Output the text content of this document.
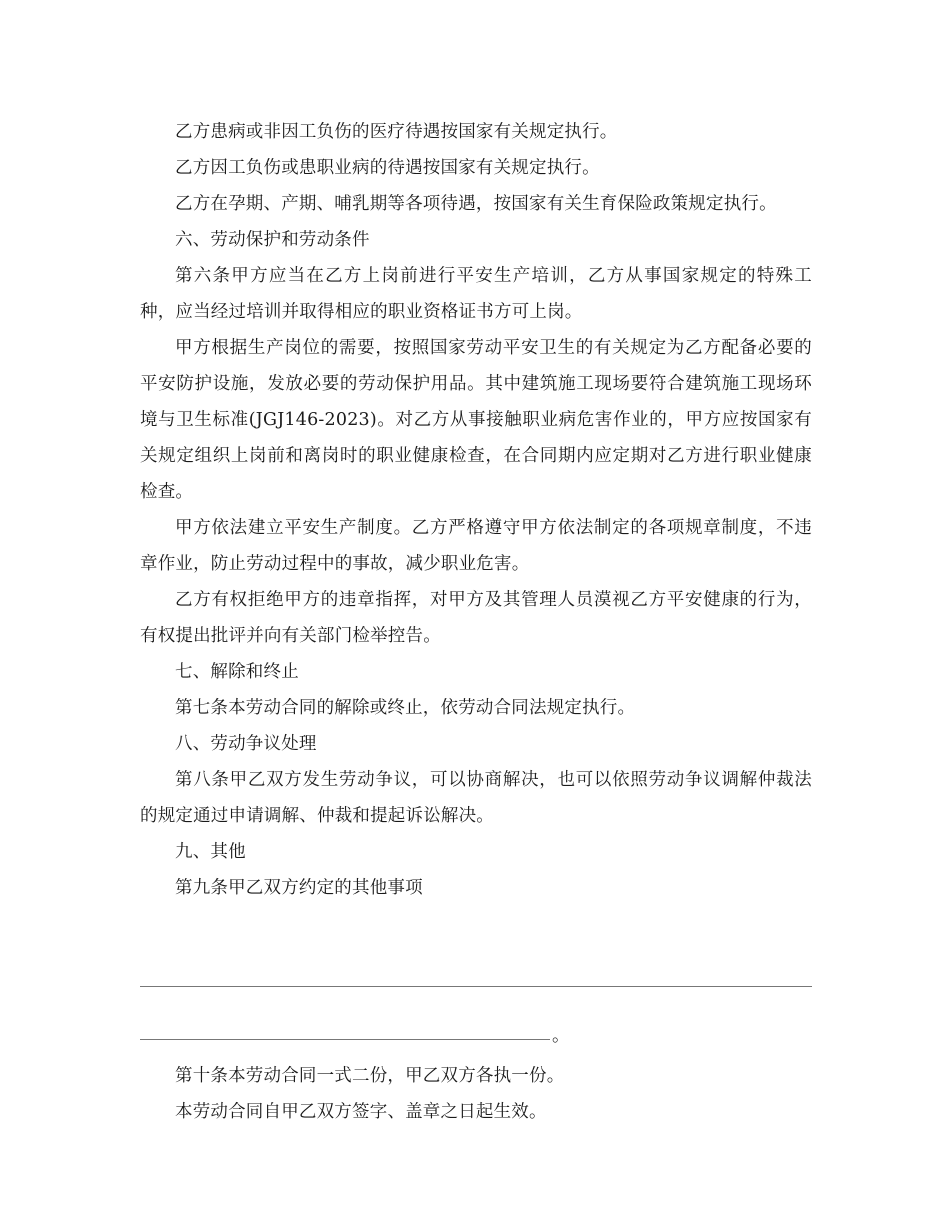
乙方患病或非因工负伤的医疗待遇按国家有关规定执行。

乙方因工负伤或患职业病的待遇按国家有关规定执行。

乙方在孕期、产期、哺乳期等各项待遇，按国家有关生育保险政策规定执行。

六、劳动保护和劳动条件

第六条甲方应当在乙方上岗前进行平安生产培训，乙方从事国家规定的特殊工种，应当经过培训并取得相应的职业资格证书方可上岗。

甲方根据生产岗位的需要，按照国家劳动平安卫生的有关规定为乙方配备必要的平安防护设施，发放必要的劳动保护用品。其中建筑施工现场要符合建筑施工现场环境与卫生标准(JGJ146-2023)。对乙方从事接触职业病危害作业的，甲方应按国家有关规定组织上岗前和离岗时的职业健康检查，在合同期内应定期对乙方进行职业健康检查。

甲方依法建立平安生产制度。乙方严格遵守甲方依法制定的各项规章制度，不违章作业，防止劳动过程中的事故，减少职业危害。

乙方有权拒绝甲方的违章指挥，对甲方及其管理人员漠视乙方平安健康的行为，有权提出批评并向有关部门检举控告。

七、解除和终止

第七条本劳动合同的解除或终止，依劳动合同法规定执行。

八、劳动争议处理

第八条甲乙双方发生劳动争议，可以协商解决，也可以依照劳动争议调解仲裁法的规定通过申请调解、仲裁和提起诉讼解决。

九、其他

第九条甲乙双方约定的其他事项

。

第十条本劳动合同一式二份，甲乙双方各执一份。

本劳动合同自甲乙双方签字、盖章之日起生效。
